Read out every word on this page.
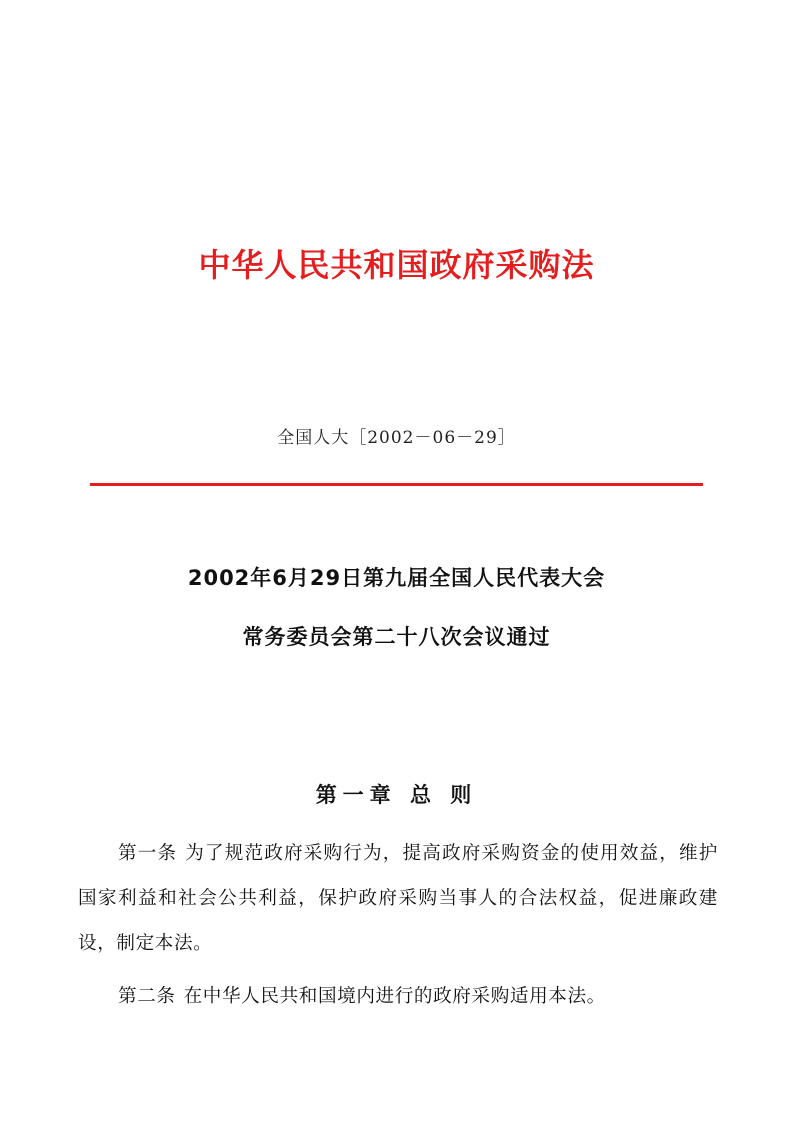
中华人民共和国政府采购法
全国人大［2002－06－29］
2002年6月29日第九届全国人民代表大会
常务委员会第二十八次会议通过
第一章 总 则

第一条 为了规范政府采购行为，提高政府采购资金的使用效益，维护国家利益和社会公共利益，保护政府采购当事人的合法权益，促进廉政建设，制定本法。

第二条 在中华人民共和国境内进行的政府采购适用本法。
